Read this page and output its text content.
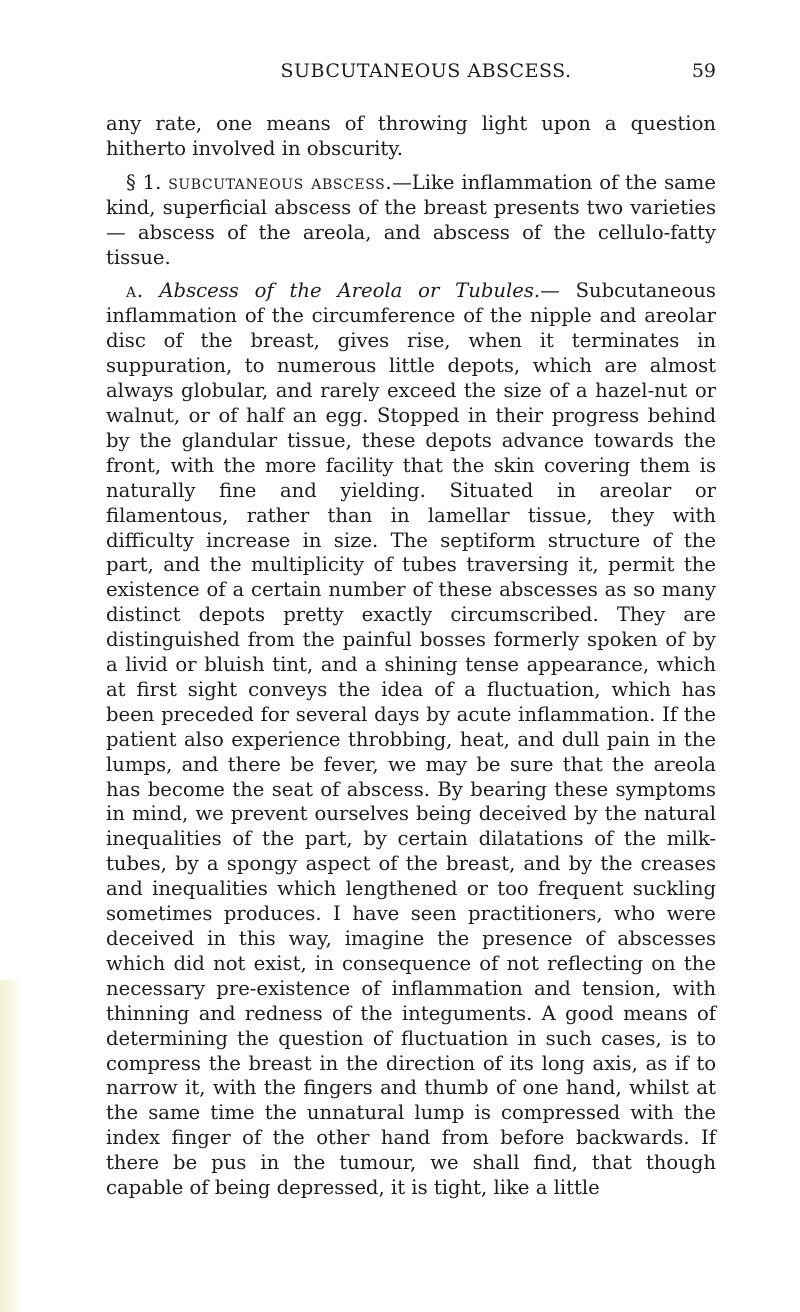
SUBCUTANEOUS ABSCESS.	59

any rate, one means of throwing light upon a question hitherto involved in obscurity.

§ 1. subcutaneous abscess.—Like inflammation of the same kind, superficial abscess of the breast presents two varieties— abscess of the areola, and abscess of the cellulo-fatty tissue.

a. Abscess of the Areola or Tubules.— Subcutaneous inflammation of the circumference of the nipple and areolar disc of the breast, gives rise, when it terminates in suppuration, to numerous little depots, which are almost always globular, and rarely exceed the size of a hazel-nut or walnut, or of half an egg. Stopped in their progress behind by the glandular tissue, these depots advance towards the front, with the more facility that the skin covering them is naturally fine and yielding. Situated in areolar or filamentous, rather than in lamellar tissue, they with difficulty increase in size. The septiform structure of the part, and the multiplicity of tubes traversing it, permit the existence of a certain number of these abscesses as so many distinct depots pretty exactly circumscribed. They are distinguished from the painful bosses formerly spoken of by a livid or bluish tint, and a shining tense appearance, which at first sight conveys the idea of a fluctuation, which has been preceded for several days by acute inflammation. If the patient also experience throbbing, heat, and dull pain in the lumps, and there be fever, we may be sure that the areola has become the seat of abscess. By bearing these symptoms in mind, we prevent ourselves being deceived by the natural inequalities of the part, by certain dilatations of the milk-tubes, by a spongy aspect of the breast, and by the creases and inequalities which lengthened or too frequent suckling sometimes produces. I have seen practitioners, who were deceived in this way, imagine the presence of abscesses which did not exist, in consequence of not reflecting on the necessary pre-existence of inflammation and tension, with thinning and redness of the integuments. A good means of determining the question of fluctuation in such cases, is to compress the breast in the direction of its long axis, as if to narrow it, with the fingers and thumb of one hand, whilst at the same time the unnatural lump is compressed with the index finger of the other hand from before backwards. If there be pus in the tumour, we shall find, that though capable of being depressed, it is tight, like a little
